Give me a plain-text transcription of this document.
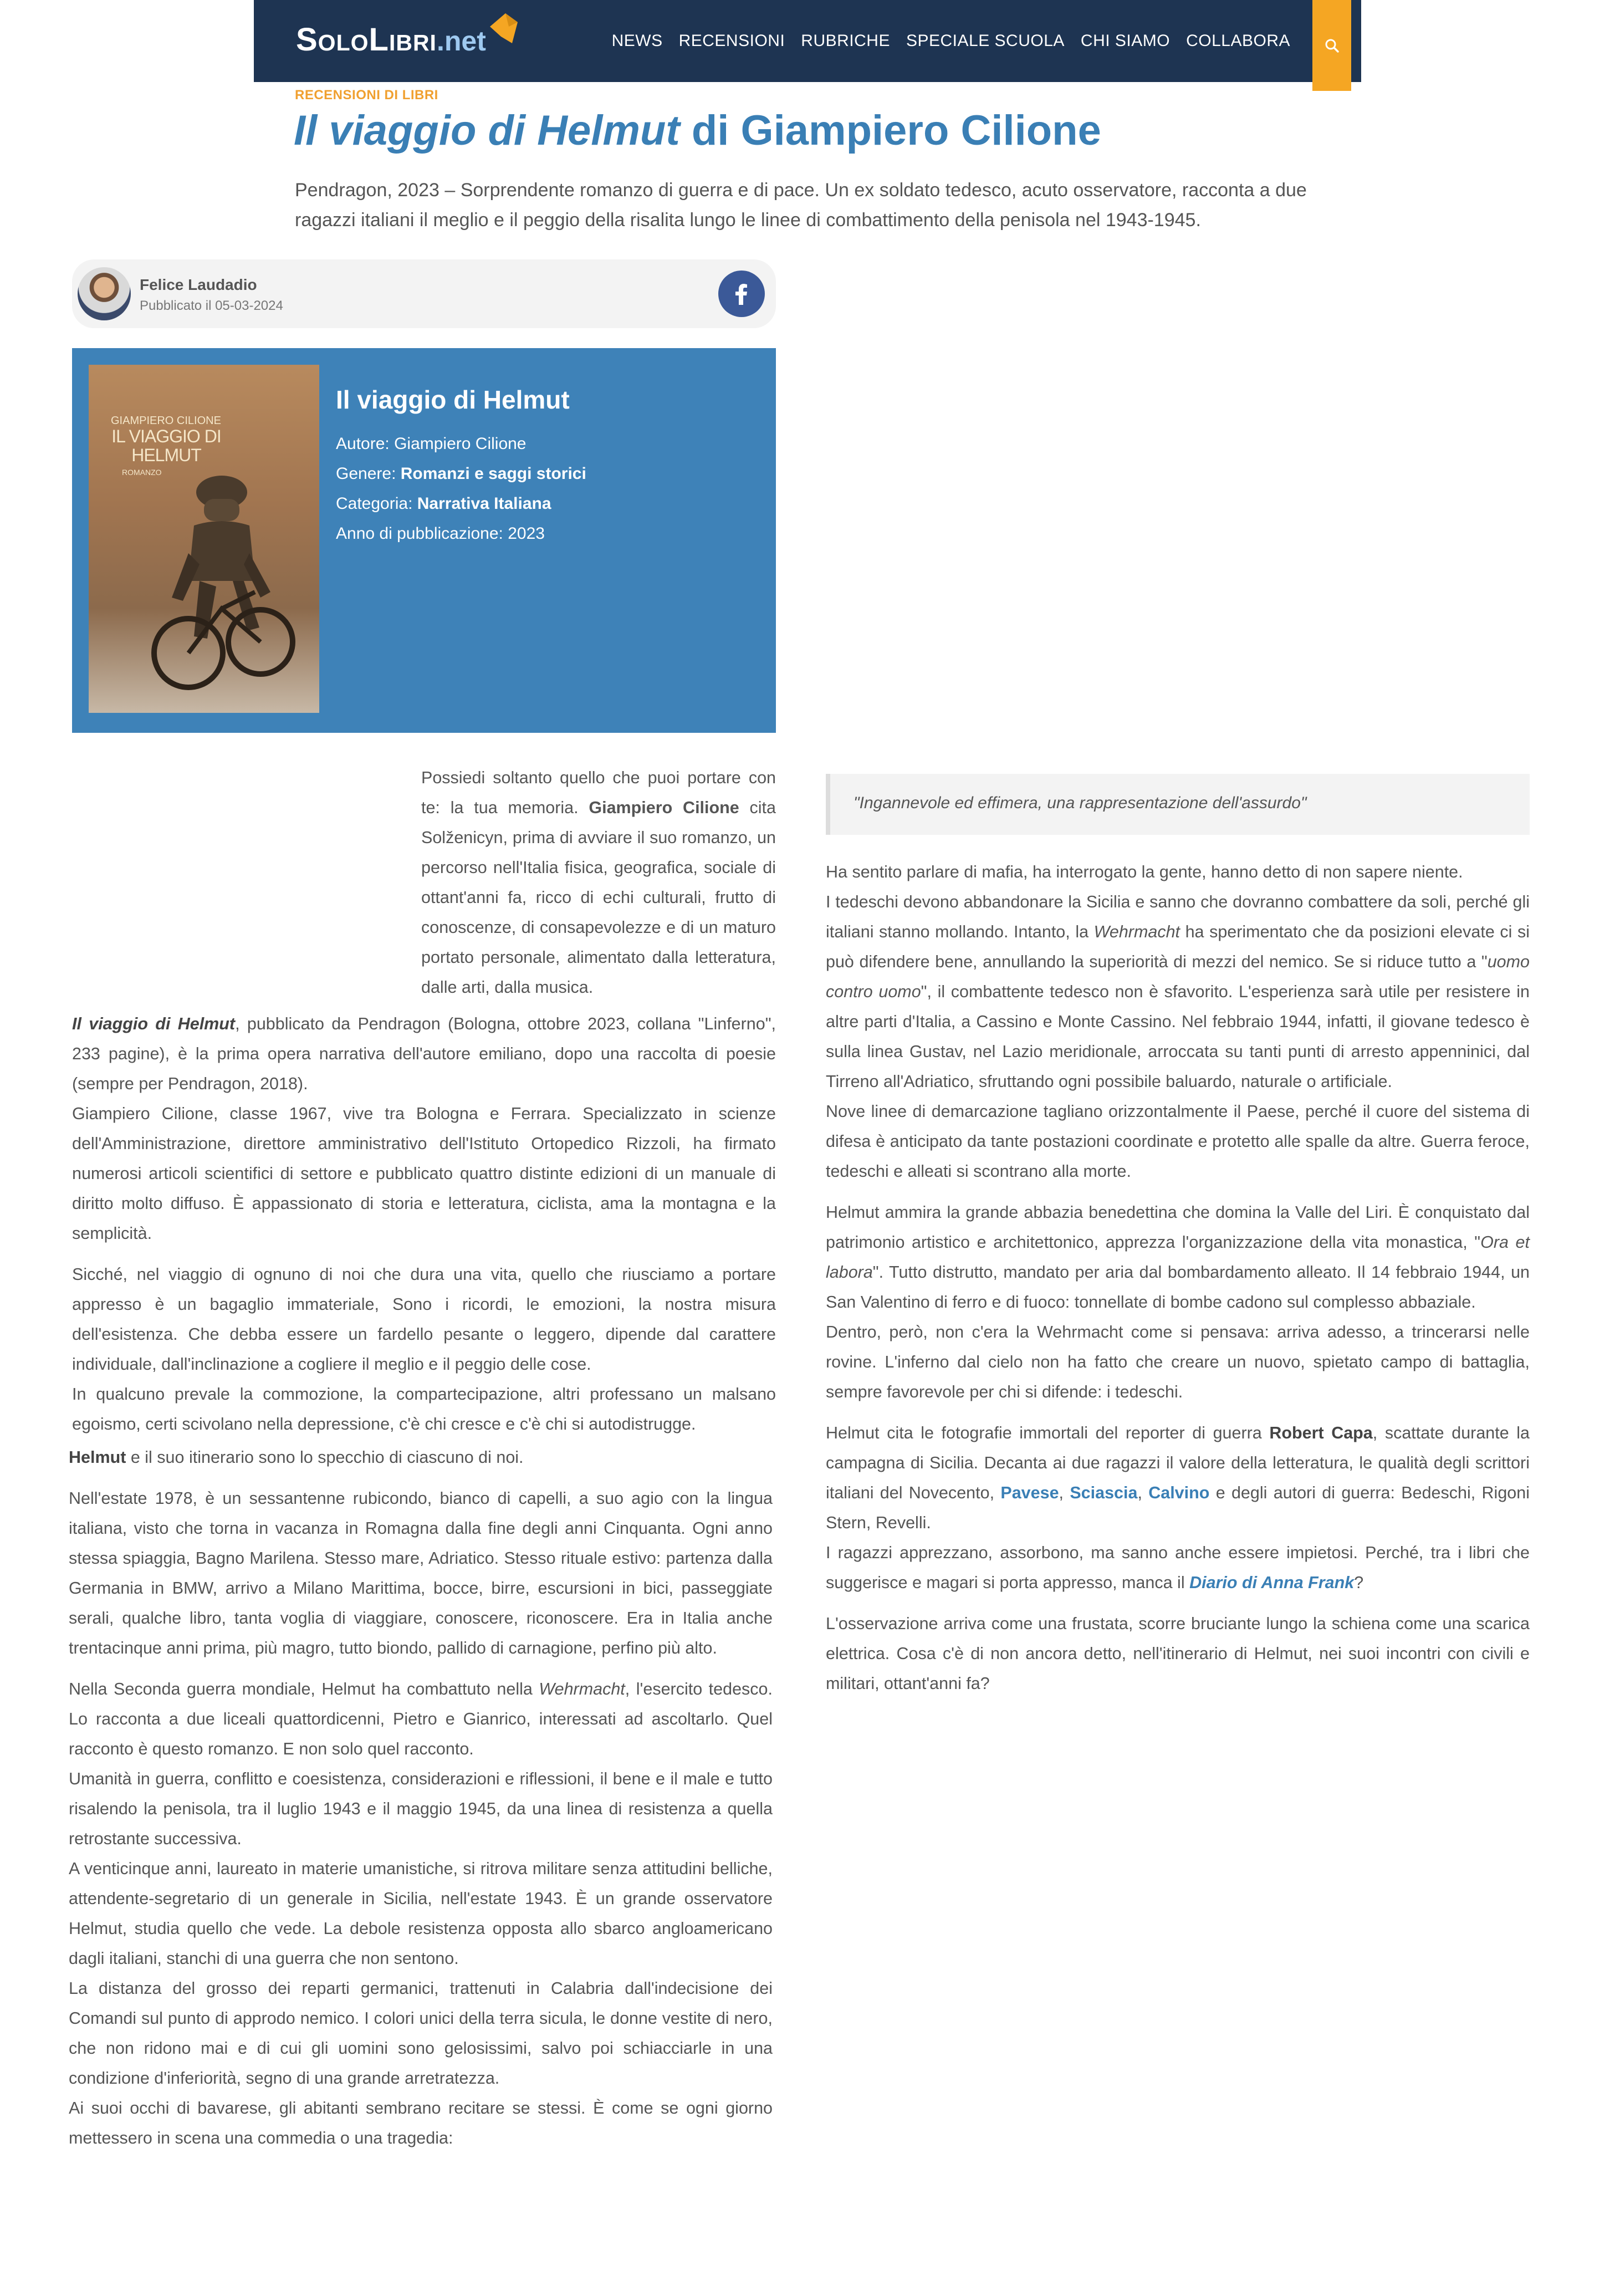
SoloLibri .net	NEWS RECENSIONI RUBRICHE SPECIALE SCUOLA CHI SIAMO COLLABORA
RECENSIONI DI LIBRI
Il viaggio di Helmut di Giampiero Cilione

Pendragon, 2023 – Sorprendente romanzo di guerra e di pace. Un ex soldato tedesco, acuto osservatore, racconta a due ragazzi italiani il meglio e il peggio della risalita lungo le linee di combattimento della penisola nel 1943-1945.

Felice Laudadio
Pubblicato il 05-03-2024
GIAMPIERO CILIONE
IL VIAGGIO DI HELMUT
ROMANZO
Il viaggio di Helmut
Autore: Giampiero Cilione
Genere: Romanzi e saggi storici
Categoria: Narrativa Italiana
Anno di pubblicazione: 2023
Possiedi soltanto quello che puoi portare con te: la tua memoria. Giampiero Cilione cita Solženicyn, prima di avviare il suo romanzo, un percorso nell'Italia fisica, geografica, sociale di ottant'anni fa, ricco di echi culturali, frutto di conoscenze, di consapevolezze e di un maturo portato personale, alimentato dalla letteratura, dalle arti, dalla musica.

Il viaggio di Helmut, pubblicato da Pendragon (Bologna, ottobre 2023, collana "Linferno", 233 pagine), è la prima opera narrativa dell'autore emiliano, dopo una raccolta di poesie (sempre per Pendragon, 2018).

Giampiero Cilione, classe 1967, vive tra Bologna e Ferrara. Specializzato in scienze dell'Amministrazione, direttore amministrativo dell'Istituto Ortopedico Rizzoli, ha firmato numerosi articoli scientifici di settore e pubblicato quattro distinte edizioni di un manuale di diritto molto diffuso. È appassionato di storia e letteratura, ciclista, ama la montagna e la semplicità.

Sicché, nel viaggio di ognuno di noi che dura una vita, quello che riusciamo a portare appresso è un bagaglio immateriale, Sono i ricordi, le emozioni, la nostra misura dell'esistenza. Che debba essere un fardello pesante o leggero, dipende dal carattere individuale, dall'inclinazione a cogliere il meglio e il peggio delle cose.

In qualcuno prevale la commozione, la compartecipazione, altri professano un malsano egoismo, certi scivolano nella depressione, c'è chi cresce e c'è chi si autodistrugge.

Helmut e il suo itinerario sono lo specchio di ciascuno di noi.

Nell'estate 1978, è un sessantenne rubicondo, bianco di capelli, a suo agio con la lingua italiana, visto che torna in vacanza in Romagna dalla fine degli anni Cinquanta. Ogni anno stessa spiaggia, Bagno Marilena. Stesso mare, Adriatico. Stesso rituale estivo: partenza dalla Germania in BMW, arrivo a Milano Marittima, bocce, birre, escursioni in bici, passeggiate serali, qualche libro, tanta voglia di viaggiare, conoscere, riconoscere. Era in Italia anche trentacinque anni prima, più magro, tutto biondo, pallido di carnagione, perfino più alto.

Nella Seconda guerra mondiale, Helmut ha combattuto nella Wehrmacht, l'esercito tedesco. Lo racconta a due liceali quattordicenni, Pietro e Gianrico, interessati ad ascoltarlo. Quel racconto è questo romanzo. E non solo quel racconto.

Umanità in guerra, conflitto e coesistenza, considerazioni e riflessioni, il bene e il male e tutto risalendo la penisola, tra il luglio 1943 e il maggio 1945, da una linea di resistenza a quella retrostante successiva.

A venticinque anni, laureato in materie umanistiche, si ritrova militare senza attitudini belliche, attendente-segretario di un generale in Sicilia, nell'estate 1943. È un grande osservatore Helmut, studia quello che vede. La debole resistenza opposta allo sbarco angloamericano dagli italiani, stanchi di una guerra che non sentono.

La distanza del grosso dei reparti germanici, trattenuti in Calabria dall'indecisione dei Comandi sul punto di approdo nemico. I colori unici della terra sicula, le donne vestite di nero, che non ridono mai e di cui gli uomini sono gelosissimi, salvo poi schiacciarle in una condizione d'inferiorità, segno di una grande arretratezza.

Ai suoi occhi di bavarese, gli abitanti sembrano recitare se stessi. È come se ogni giorno mettessero in scena una commedia o una tragedia:

"Ingannevole ed effimera, una rappresentazione dell'assurdo"

Ha sentito parlare di mafia, ha interrogato la gente, hanno detto di non sapere niente.

I tedeschi devono abbandonare la Sicilia e sanno che dovranno combattere da soli, perché gli italiani stanno mollando. Intanto, la Wehrmacht ha sperimentato che da posizioni elevate ci si può difendere bene, annullando la superiorità di mezzi del nemico. Se si riduce tutto a "uomo contro uomo", il combattente tedesco non è sfavorito. L'esperienza sarà utile per resistere in altre parti d'Italia, a Cassino e Monte Cassino. Nel febbraio 1944, infatti, il giovane tedesco è sulla linea Gustav, nel Lazio meridionale, arroccata su tanti punti di arresto appenninici, dal Tirreno all'Adriatico, sfruttando ogni possibile baluardo, naturale o artificiale.

Nove linee di demarcazione tagliano orizzontalmente il Paese, perché il cuore del sistema di difesa è anticipato da tante postazioni coordinate e protetto alle spalle da altre. Guerra feroce, tedeschi e alleati si scontrano alla morte.

Helmut ammira la grande abbazia benedettina che domina la Valle del Liri. È conquistato dal patrimonio artistico e architettonico, apprezza l'organizzazione della vita monastica, "Ora et labora". Tutto distrutto, mandato per aria dal bombardamento alleato. Il 14 febbraio 1944, un San Valentino di ferro e di fuoco: tonnellate di bombe cadono sul complesso abbaziale.

Dentro, però, non c'era la Wehrmacht come si pensava: arriva adesso, a trincerarsi nelle rovine. L'inferno dal cielo non ha fatto che creare un nuovo, spietato campo di battaglia, sempre favorevole per chi si difende: i tedeschi.

Helmut cita le fotografie immortali del reporter di guerra Robert Capa, scattate durante la campagna di Sicilia. Decanta ai due ragazzi il valore della letteratura, le qualità degli scrittori italiani del Novecento, Pavese, Sciascia, Calvino e degli autori di guerra: Bedeschi, Rigoni Stern, Revelli.

I ragazzi apprezzano, assorbono, ma sanno anche essere impietosi. Perché, tra i libri che suggerisce e magari si porta appresso, manca il Diario di Anna Frank?

L'osservazione arriva come una frustata, scorre bruciante lungo la schiena come una scarica elettrica. Cosa c'è di non ancora detto, nell'itinerario di Helmut, nei suoi incontri con civili e militari, ottant'anni fa?
